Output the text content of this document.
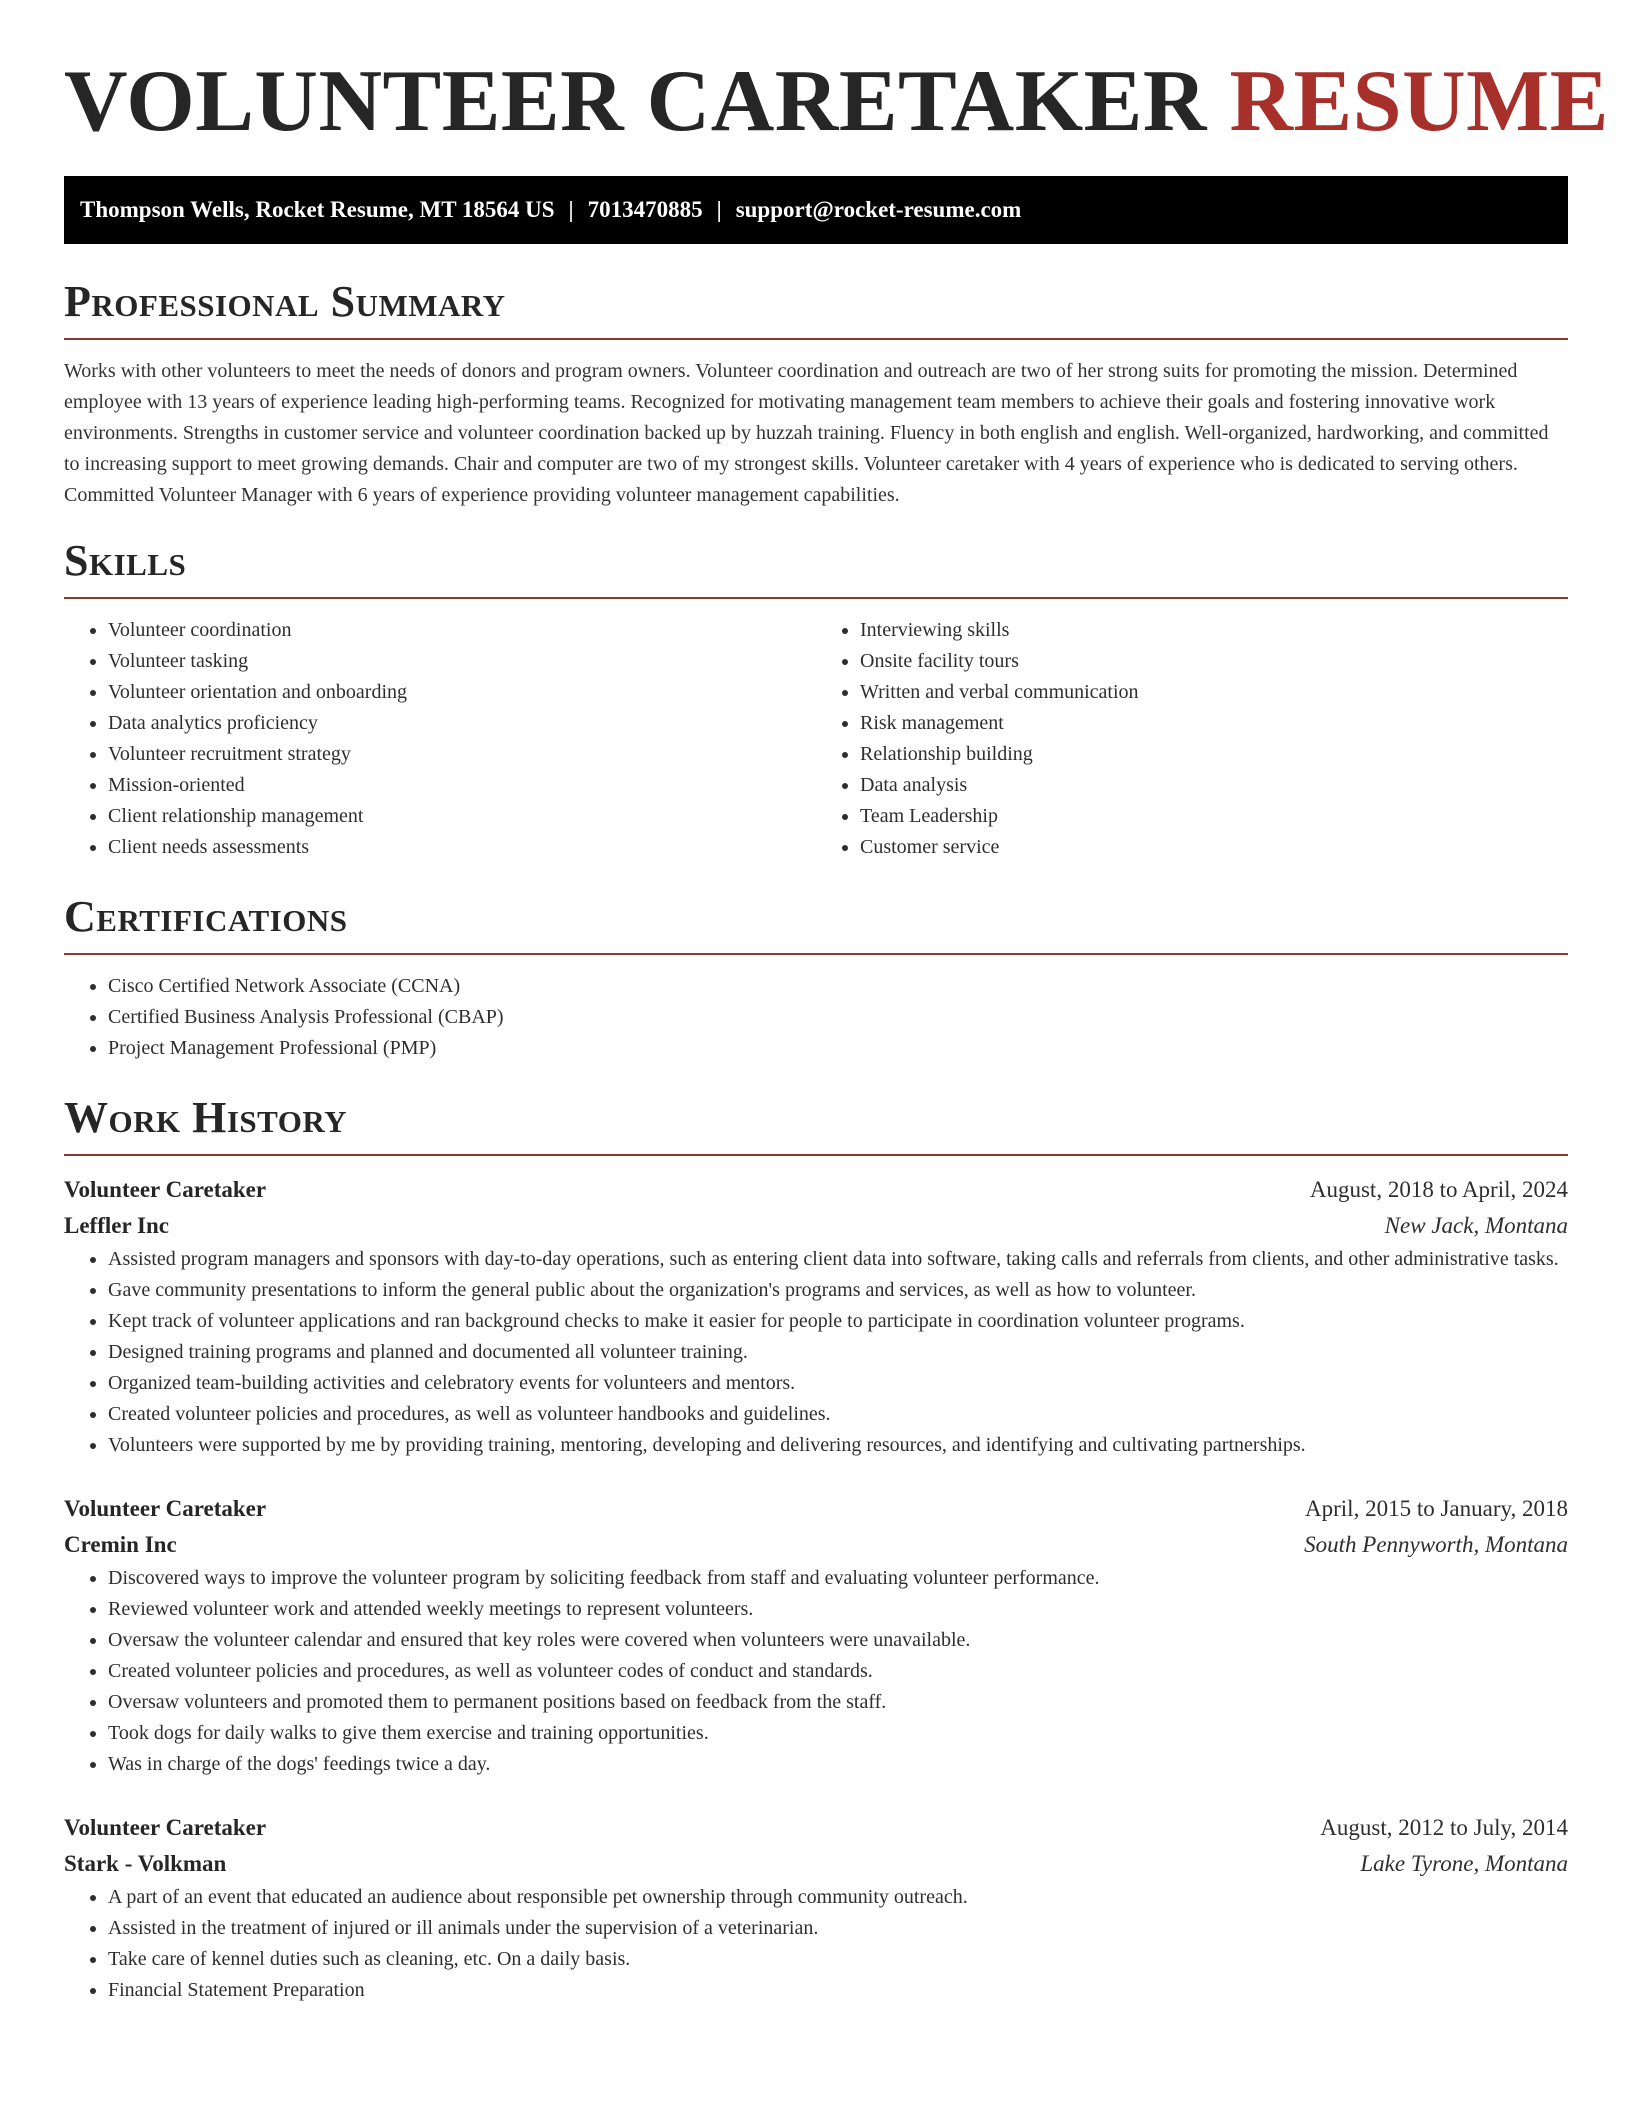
VOLUNTEER CARETAKER RESUME
Thompson Wells, Rocket Resume, MT 18564 US | 7013470885 | support@rocket-resume.com
Professional Summary

Works with other volunteers to meet the needs of donors and program owners. Volunteer coordination and outreach are two of her strong suits for promoting the mission. Determined employee with 13 years of experience leading high-performing teams. Recognized for motivating management team members to achieve their goals and fostering innovative work environments. Strengths in customer service and volunteer coordination backed up by huzzah training. Fluency in both english and english. Well-organized, hardworking, and committed to increasing support to meet growing demands. Chair and computer are two of my strongest skills. Volunteer caretaker with 4 years of experience who is dedicated to serving others. Committed Volunteer Manager with 6 years of experience providing volunteer management capabilities.

Skills
• Volunteer coordination
• Volunteer tasking
• Volunteer orientation and onboarding
• Data analytics proficiency
• Volunteer recruitment strategy
• Mission-oriented
• Client relationship management
• Client needs assessments
• Interviewing skills
• Onsite facility tours
• Written and verbal communication
• Risk management
• Relationship building
• Data analysis
• Team Leadership
• Customer service
Certifications
• Cisco Certified Network Associate (CCNA)
• Certified Business Analysis Professional (CBAP)
• Project Management Professional (PMP)
Work History
Volunteer Caretaker	August, 2018 to April, 2024
Leffler Inc	New Jack, Montana
• Assisted program managers and sponsors with day-to-day operations, such as entering client data into software, taking calls and referrals from clients, and other administrative tasks.
• Gave community presentations to inform the general public about the organization's programs and services, as well as how to volunteer.
• Kept track of volunteer applications and ran background checks to make it easier for people to participate in coordination volunteer programs.
• Designed training programs and planned and documented all volunteer training.
• Organized team-building activities and celebratory events for volunteers and mentors.
• Created volunteer policies and procedures, as well as volunteer handbooks and guidelines.
• Volunteers were supported by me by providing training, mentoring, developing and delivering resources, and identifying and cultivating partnerships.
Volunteer Caretaker	April, 2015 to January, 2018
Cremin Inc	South Pennyworth, Montana
• Discovered ways to improve the volunteer program by soliciting feedback from staff and evaluating volunteer performance.
• Reviewed volunteer work and attended weekly meetings to represent volunteers.
• Oversaw the volunteer calendar and ensured that key roles were covered when volunteers were unavailable.
• Created volunteer policies and procedures, as well as volunteer codes of conduct and standards.
• Oversaw volunteers and promoted them to permanent positions based on feedback from the staff.
• Took dogs for daily walks to give them exercise and training opportunities.
• Was in charge of the dogs' feedings twice a day.
Volunteer Caretaker	August, 2012 to July, 2014
Stark - Volkman	Lake Tyrone, Montana
• A part of an event that educated an audience about responsible pet ownership through community outreach.
• Assisted in the treatment of injured or ill animals under the supervision of a veterinarian.
• Take care of kennel duties such as cleaning, etc. On a daily basis.
• Financial Statement Preparation
